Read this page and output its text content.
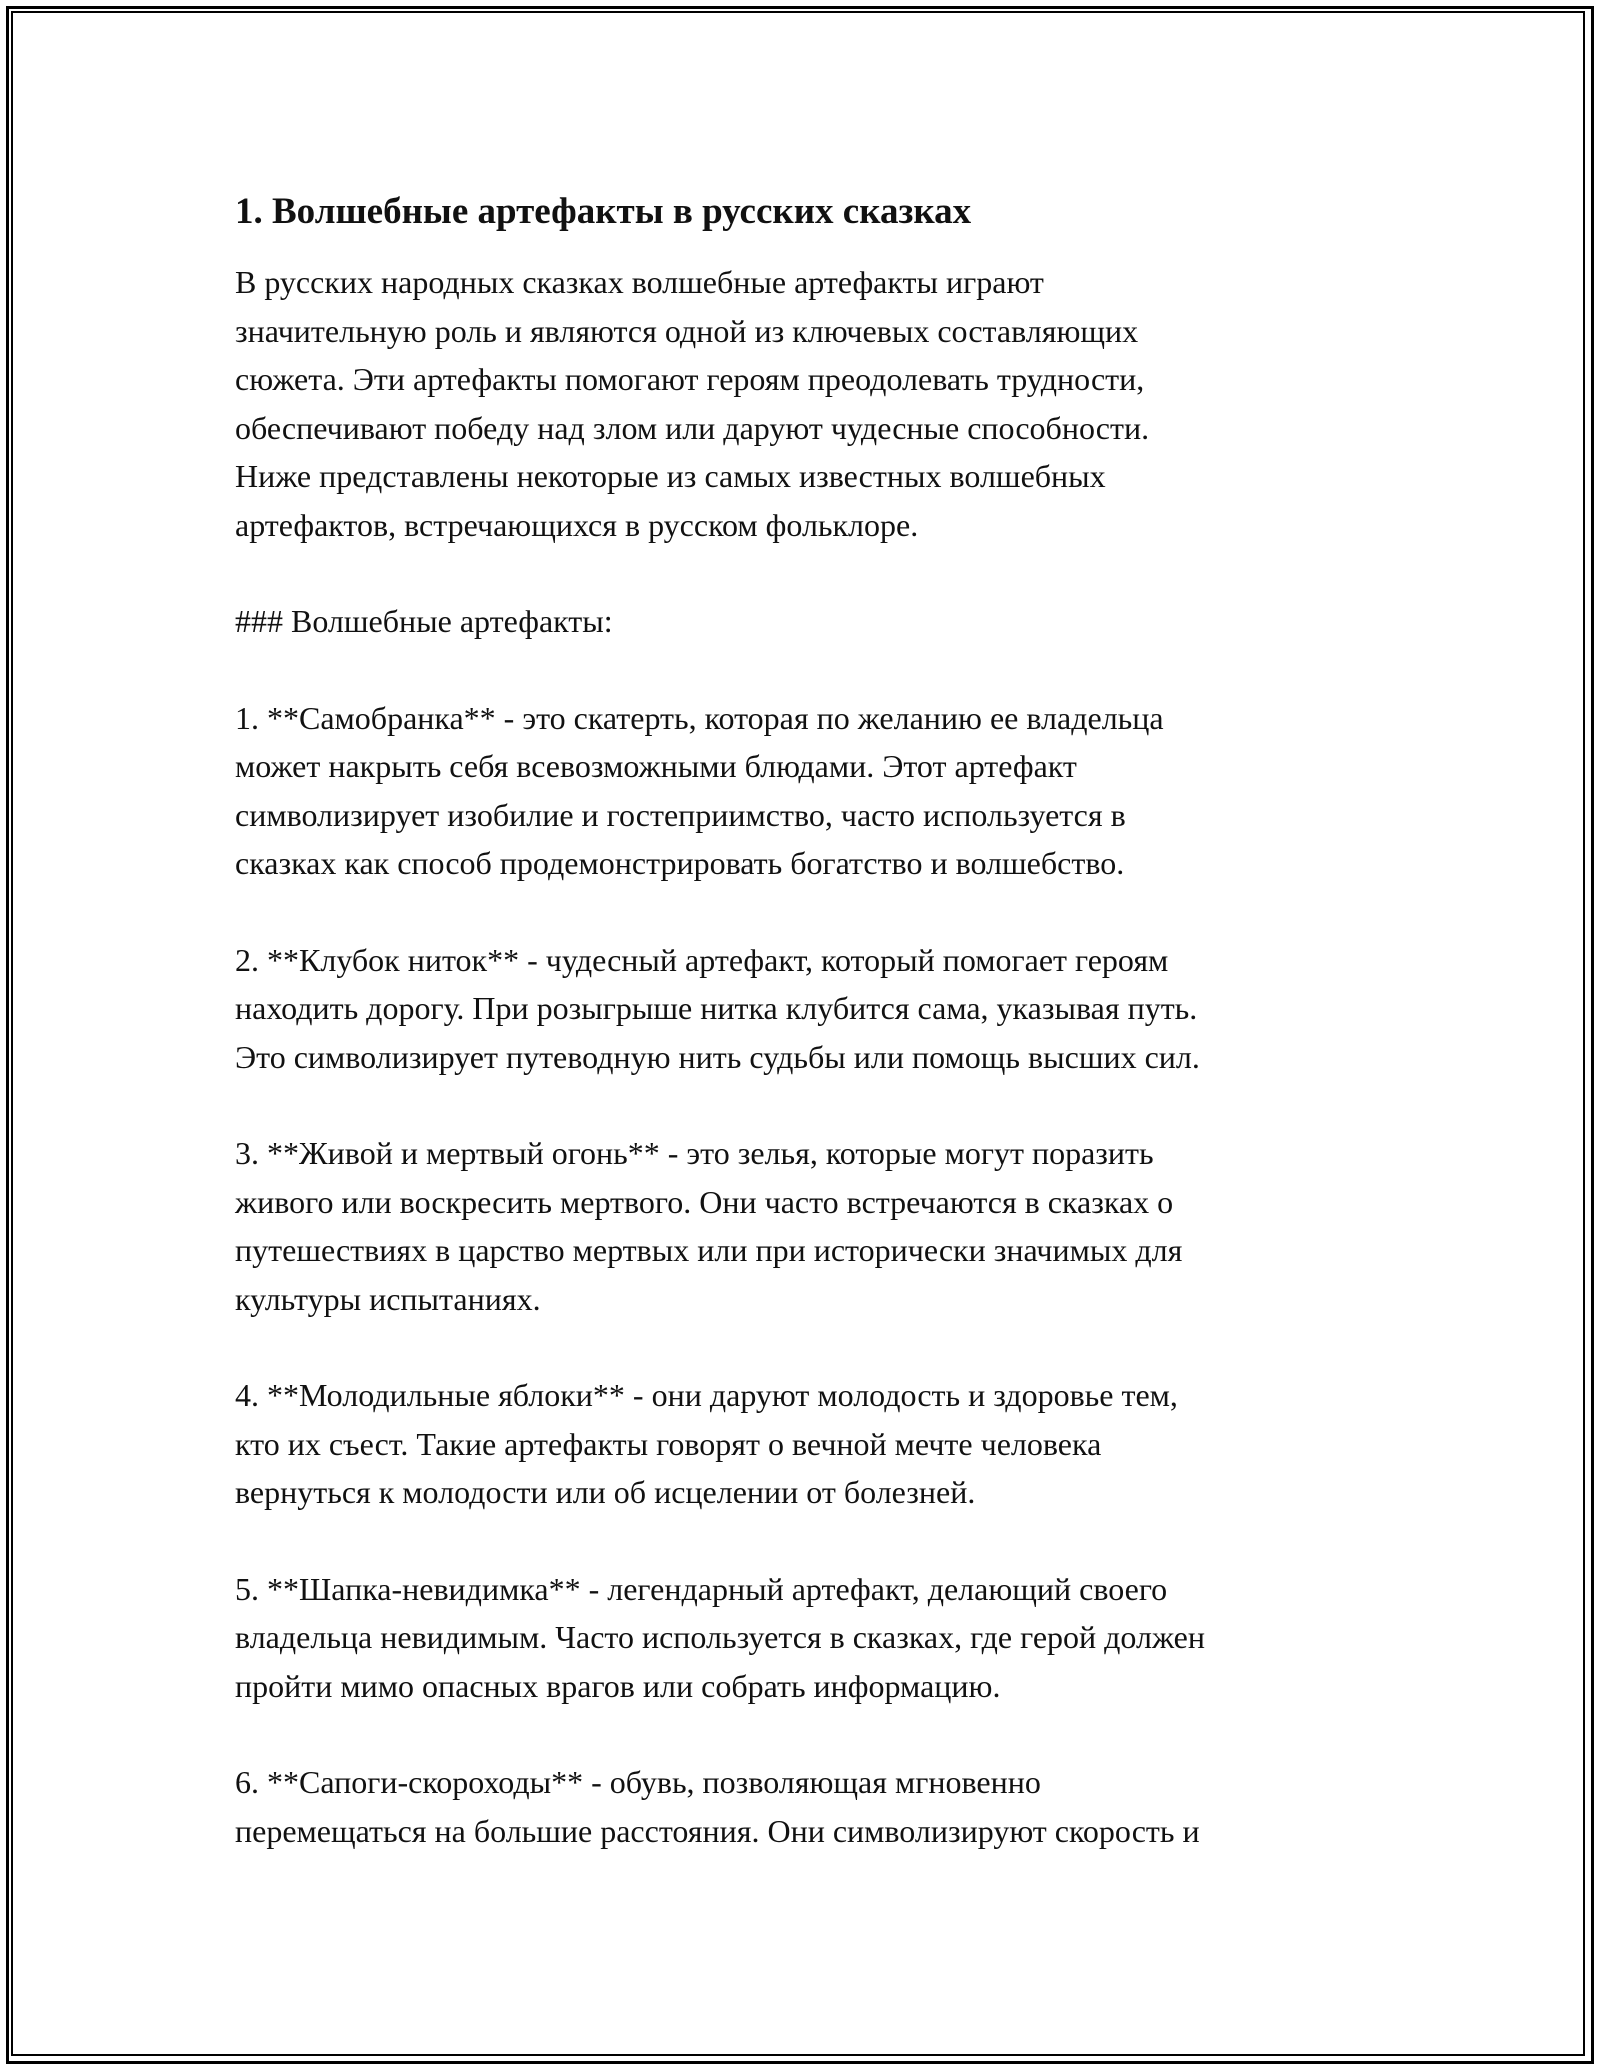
1. Волшебные артефакты в русских сказках

В русских народных сказках волшебные артефакты играют
значительную роль и являются одной из ключевых составляющих
сюжета. Эти артефакты помогают героям преодолевать трудности,
обеспечивают победу над злом или даруют чудесные способности.
Ниже представлены некоторые из самых известных волшебных
артефактов, встречающихся в русском фольклоре.

### Волшебные артефакты:

1. **Самобранка** - это скатерть, которая по желанию ее владельца
может накрыть себя всевозможными блюдами. Этот артефакт
символизирует изобилие и гостеприимство, часто используется в
сказках как способ продемонстрировать богатство и волшебство.

2. **Клубок ниток** - чудесный артефакт, который помогает героям
находить дорогу. При розыгрыше нитка клубится сама, указывая путь.
Это символизирует путеводную нить судьбы или помощь высших сил.

3. **Живой и мертвый огонь** - это зелья, которые могут поразить
живого или воскресить мертвого. Они часто встречаются в сказках о
путешествиях в царство мертвых или при исторически значимых для
культуры испытаниях.

4. **Молодильные яблоки** - они даруют молодость и здоровье тем,
кто их съест. Такие артефакты говорят о вечной мечте человека
вернуться к молодости или об исцелении от болезней.

5. **Шапка-невидимка** - легендарный артефакт, делающий своего
владельца невидимым. Часто используется в сказках, где герой должен
пройти мимо опасных врагов или собрать информацию.

6. **Сапоги-скороходы** - обувь, позволяющая мгновенно
перемещаться на большие расстояния. Они символизируют скорость и
